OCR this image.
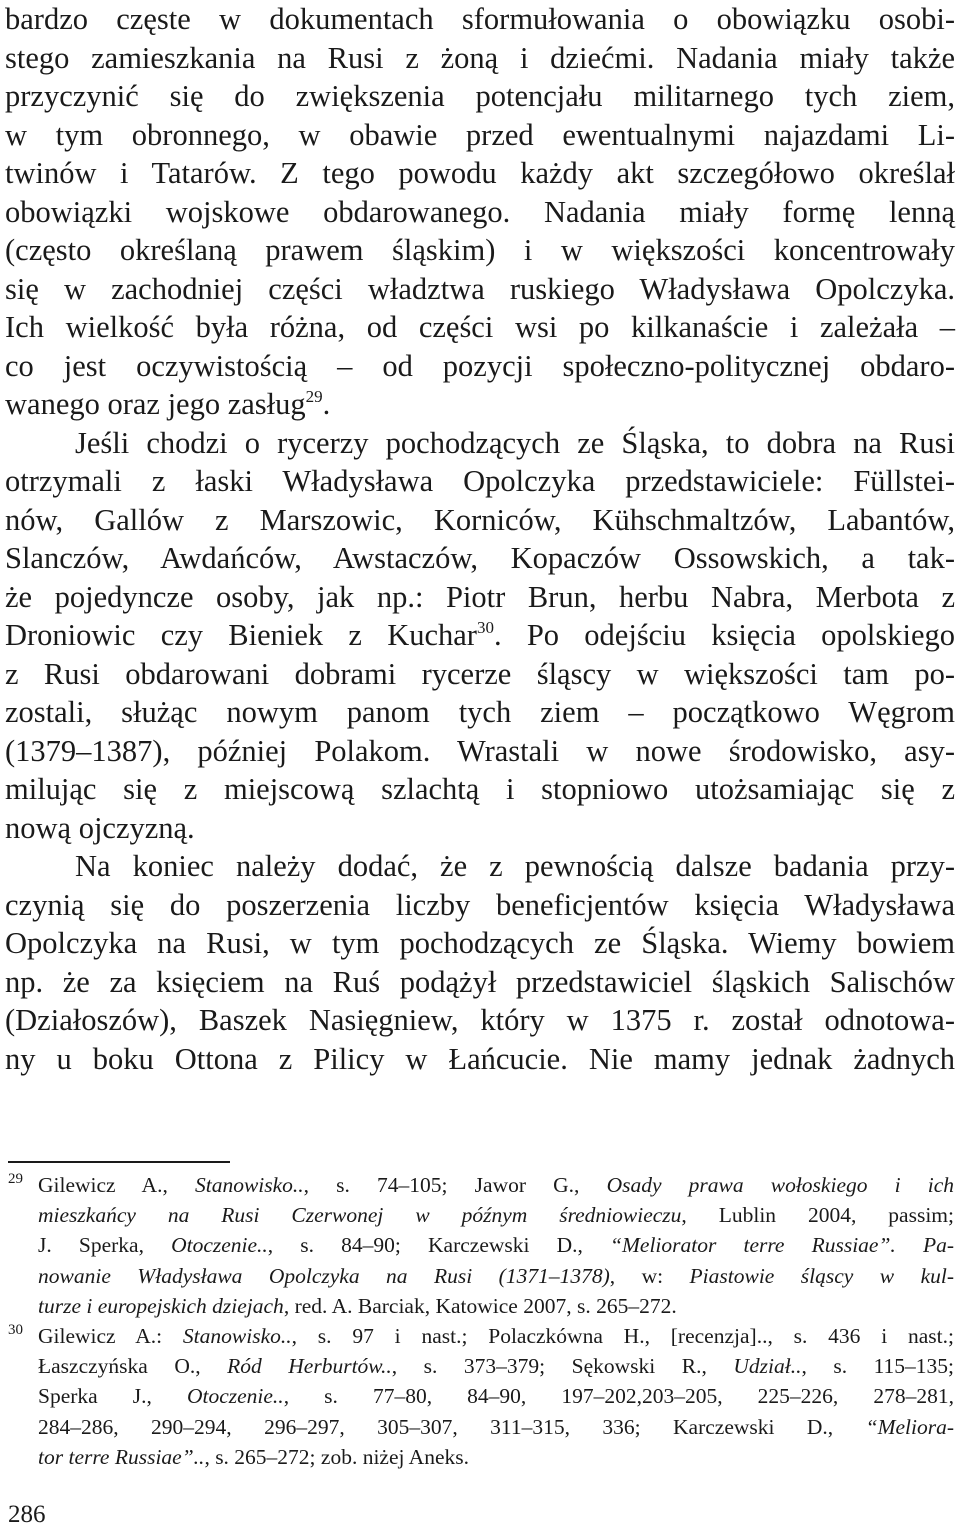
bardzo częste w dokumentach sformułowania o obowiązku osobi-
stego zamieszkania na Rusi z żoną i dziećmi. Nadania miały także
przyczynić się do zwiększenia potencjału militarnego tych ziem,
w tym obronnego, w obawie przed ewentualnymi najazdami Li-
twinów i Tatarów. Z tego powodu każdy akt szczegółowo określał
obowiązki wojskowe obdarowanego. Nadania miały formę lenną
(często określaną prawem śląskim) i w większości koncentrowały
się w zachodniej części władztwa ruskiego Władysława Opolczyka.
Ich wielkość była różna, od części wsi po kilkanaście i zależała –
co jest oczywistością – od pozycji społeczno-politycznej obdaro-
wanego oraz jego zasług$^{29}$.
Jeśli chodzi o rycerzy pochodzących ze Śląska, to dobra na Rusi
otrzymali z łaski Władysława Opolczyka przedstawiciele: Füllstei-
nów, Gallów z Marszowic, Korniców, Kühschmaltzów, Labantów,
Slanczów, Awdańców, Awstaczów, Kopaczów Ossowskich, a tak-
że pojedyncze osoby, jak np.: Piotr Brun, herbu Nabra, Merbota z
Droniowic czy Bieniek z Kuchar$^{30}$. Po odejściu księcia opolskiego
z Rusi obdarowani dobrami rycerze śląscy w większości tam po-
zostali, służąc nowym panom tych ziem – początkowo Węgrom
(1379–1387), później Polakom. Wrastali w nowe środowisko, asy-
milując się z miejscową szlachtą i stopniowo utożsamiając się z
nową ojczyzną.
Na koniec należy dodać, że z pewnością dalsze badania przy-
czynią się do poszerzenia liczby beneficjentów księcia Władysława
Opolczyka na Rusi, w tym pochodzących ze Śląska. Wiemy bowiem
np. że za księciem na Ruś podążył przedstawiciel śląskich Salischów
(Działoszów), Baszek Nasięgniew, który w 1375 r. został odnotowa-
ny u boku Ottona z Pilicy w Łańcucie. Nie mamy jednak żadnych
29 Gilewicz A., Stanowisko.., s. 74–105; Jawor G., Osady prawa wołoskiego i ich
mieszkańcy na Rusi Czerwonej w późnym średniowieczu, Lublin 2004, passim;
J. Sperka, Otoczenie.., s. 84–90; Karczewski D., “Meliorator terre Russiae”. Pa-
nowanie Władysława Opolczyka na Rusi (1371–1378), w: Piastowie śląscy w kul-
turze i europejskich dziejach, red. A. Barciak, Katowice 2007, s. 265–272.
30 Gilewicz A.: Stanowisko.., s. 97 i nast.; Polaczkówna H., [recenzja].., s. 436 i nast.;
Łaszczyńska O., Ród Herburtów.., s. 373–379; Sękowski R., Udział.., s. 115–135;
Sperka J., Otoczenie.., s. 77–80, 84–90, 197–202,203–205, 225–226, 278–281,
284–286, 290–294, 296–297, 305–307, 311–315, 336; Karczewski D., “Meliora-
tor terre Russiae”.., s. 265–272; zob. niżej Aneks.
286
